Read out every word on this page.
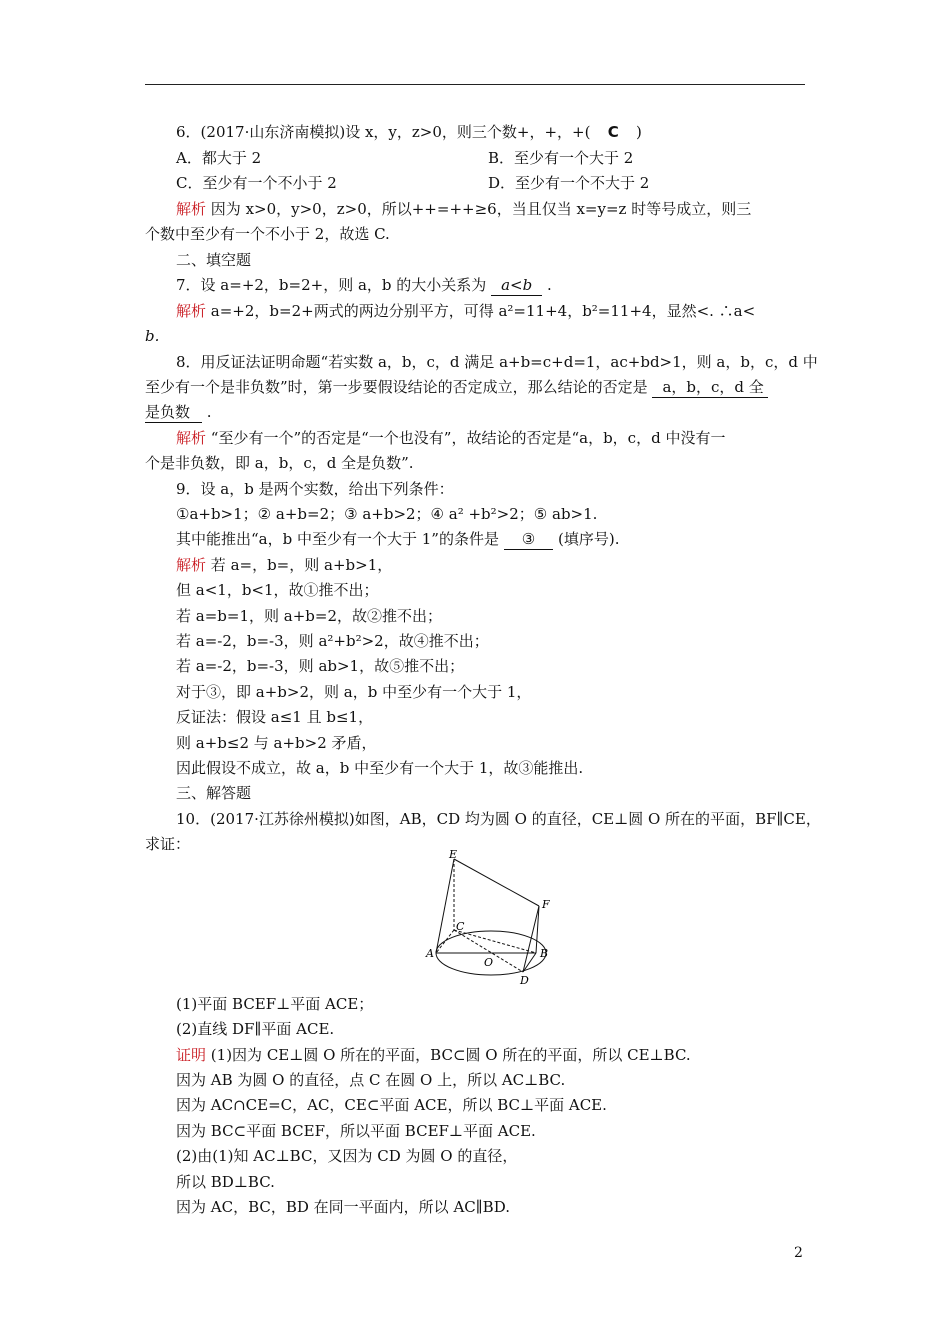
6．(2017·山东济南模拟)设 x，y，z>0，则三个数+，+，+( C )
A．都大于 2	B．至少有一个大于 2
C．至少有一个不小于 2	D．至少有一个不大于 2
解析 因为 x>0，y>0，z>0，所以++=++≥6，当且仅当 x=y=z 时等号成立，则三
个数中至少有一个不小于 2，故选 C.
二、填空题
7．设 a=+2，b=2+，则 a，b 的大小关系为 a<b .
解析 a=+2，b=2+两式的两边分别平方，可得 a²=11+4，b²=11+4，显然<. ∴a<
b.
8．用反证法证明命题“若实数 a，b，c，d 满足 a+b=c+d=1，ac+bd>1，则 a，b，c，d 中
至少有一个是非负数”时，第一步要假设结论的否定成立，那么结论的否定是 a，b，c，d 全
是负数 .
解析 “至少有一个”的否定是“一个也没有”，故结论的否定是“a，b，c，d 中没有一
个是非负数，即 a，b，c，d 全是负数”.
9．设 a，b 是两个实数，给出下列条件：
①a+b>1；② a+b=2；③ a+b>2；④ a² +b²>2；⑤ ab>1.
其中能推出“a，b 中至少有一个大于 1”的条件是 ③ (填序号).
解析 若 a=，b=，则 a+b>1，
但 a<1，b<1，故①推不出；
若 a=b=1，则 a+b=2，故②推不出；
若 a=-2，b=-3，则 a²+b²>2，故④推不出；
若 a=-2，b=-3，则 ab>1，故⑤推不出；
对于③，即 a+b>2，则 a，b 中至少有一个大于 1，
反证法：假设 a≤1 且 b≤1，
则 a+b≤2 与 a+b>2 矛盾，
因此假设不成立，故 a，b 中至少有一个大于 1，故③能推出.
三、解答题
10．(2017·江苏徐州模拟)如图，AB，CD 均为圆 O 的直径，CE⊥圆 O 所在的平面，BF∥CE，
求证：
E
F
C
A
O
B
D
(1)平面 BCEF⊥平面 ACE；
(2)直线 DF∥平面 ACE.
证明 (1)因为 CE⊥圆 O 所在的平面，BC⊂圆 O 所在的平面，所以 CE⊥BC.
因为 AB 为圆 O 的直径，点 C 在圆 O 上，所以 AC⊥BC.
因为 AC∩CE=C，AC，CE⊂平面 ACE，所以 BC⊥平面 ACE.
因为 BC⊂平面 BCEF，所以平面 BCEF⊥平面 ACE.
(2)由(1)知 AC⊥BC，又因为 CD 为圆 O 的直径，
所以 BD⊥BC.
因为 AC，BC，BD 在同一平面内，所以 AC∥BD.
2
